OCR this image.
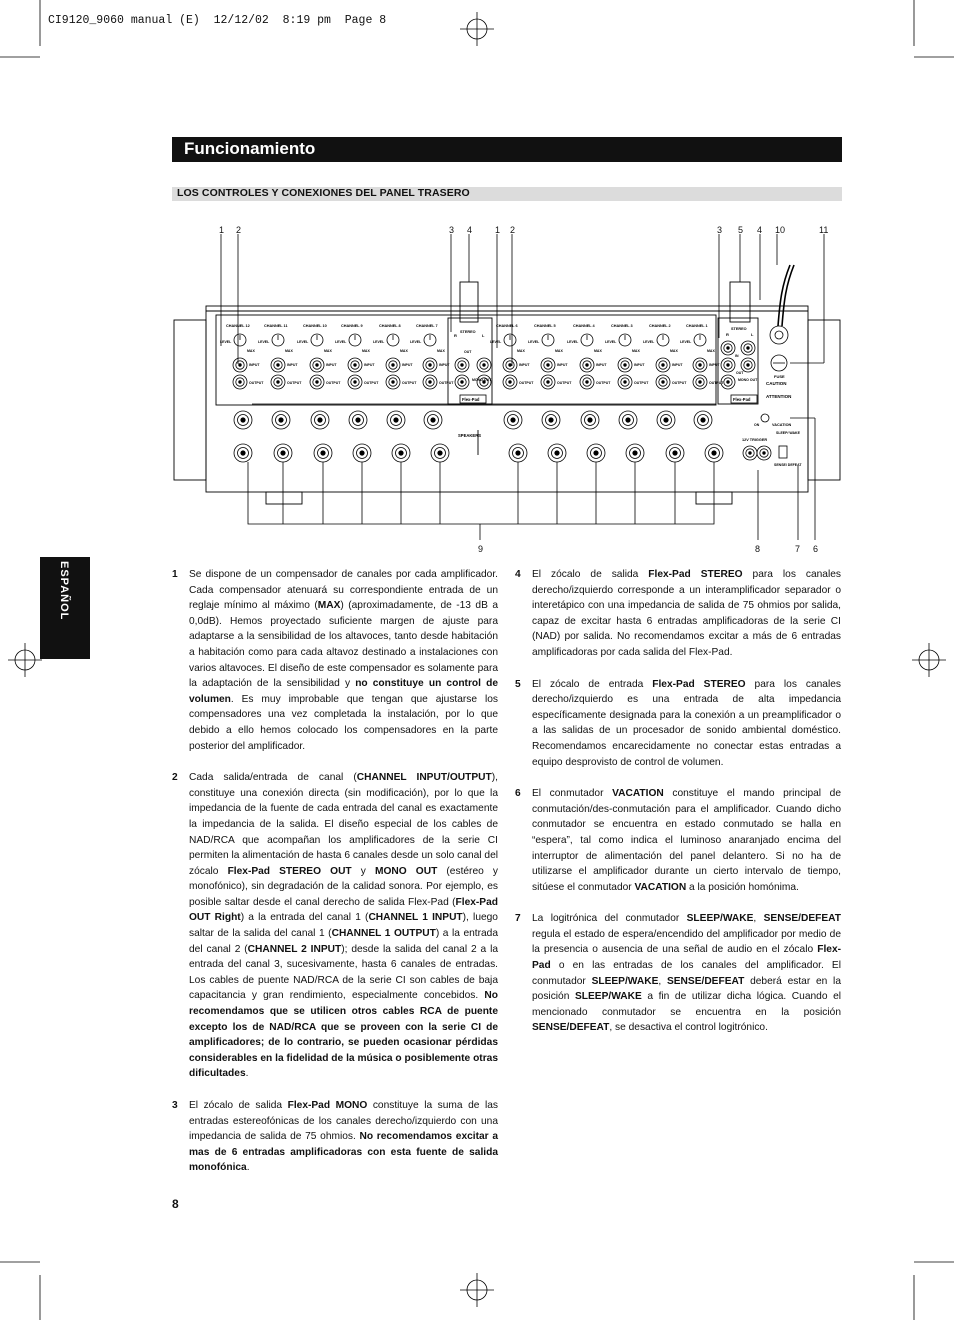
CI9120_9060 manual (E)  12/12/02  8:19 pm  Page 8
Funcionamiento
LOS CONTROLES Y CONEXIONES DEL PANEL TRASERO
ESPAÑOL
CHANNEL 12
LEVEL
MAX
INPUT
OUTPUT
CHANNEL 11
LEVEL
MAX
INPUT
OUTPUT
CHANNEL 10
LEVEL
MAX
INPUT
OUTPUT
CHANNEL 9
LEVEL
MAX
INPUT
OUTPUT
CHANNEL 8
LEVEL
MAX
INPUT
OUTPUT
CHANNEL 7
LEVEL
MAX
INPUT
OUTPUT
CHANNEL 6
LEVEL
MAX
INPUT
OUTPUT
CHANNEL 5
LEVEL
MAX
INPUT
OUTPUT
CHANNEL 4
LEVEL
MAX
INPUT
OUTPUT
CHANNEL 3
LEVEL
MAX
INPUT
OUTPUT
CHANNEL 2
LEVEL
MAX
INPUT
OUTPUT
CHANNEL 1
LEVEL
MAX
INPUT
OUTPUT
STEREO
R	L
OUT
MONO OUT
Flex-Pad
STEREO
R	L
IN
OUT
MONO OUT
Flex-Pad
SPEAKERS
FUSE
CAUTION
ATTENTION
ON	VACATION
SLEEP/ WAKE
SENSE/ DEFEAT
12V TRIGGER
1 2	3 4	1 2	3 5 4 10	11
9	8	7 6
1 Se dispone de un compensador de canales por cada amplificador. Cada compensador atenuará su correspondiente entrada de un reglaje mínimo al máximo (MAX) (aproximadamente, de -13 dB a 0,0dB). Hemos proyectado suficiente margen de ajuste para adaptarse a la sensibilidad de los altavoces, tanto desde habitación a habitación como para cada altavoz destinado a instalaciones con varios altavoces. El diseño de este compensador es solamente para la adaptación de la sensibilidad y no constituye un control de volumen. Es muy improbable que tengan que ajustarse los compensadores una vez completada la instalación, por lo que debido a ello hemos colocado los compensadores en la parte posterior del amplificador.
2 Cada salida/entrada de canal (CHANNEL INPUT/OUTPUT), constituye una conexión directa (sin modificación), por lo que la impedancia de la fuente de cada entrada del canal es exactamente la impedancia de la salida. El diseño especial de los cables de NAD/RCA que acompañan los amplificadores de la serie CI permiten la alimentación de hasta 6 canales desde un solo canal del zócalo Flex-Pad STEREO OUT y MONO OUT (estéreo y monofónico), sin degradación de la calidad sonora. Por ejemplo, es posible saltar desde el canal derecho de salida Flex-Pad (Flex-Pad OUT Right) a la entrada del canal 1 (CHANNEL 1 INPUT), luego saltar de la salida del canal 1 (CHANNEL 1 OUTPUT) a la entrada del canal 2 (CHANNEL 2 INPUT); desde la salida del canal 2 a la entrada del canal 3, sucesivamente, hasta 6 canales de entradas. Los cables de puente NAD/RCA de la serie CI son cables de baja capacitancia y gran rendimiento, especialmente concebidos. No recomendamos que se utilicen otros cables RCA de puente excepto los de NAD/RCA que se proveen con la serie CI de amplificadores; de lo contrario, se pueden ocasionar pérdidas considerables en la fidelidad de la música o posiblemente otras dificultades.
3 El zócalo de salida Flex-Pad MONO constituye la suma de las entradas estereofónicas de los canales derecho/izquierdo con una impedancia de salida de 75 ohmios. No recomendamos excitar a mas de 6 entradas amplificadoras con esta fuente de salida monofónica.
4 El zócalo de salida Flex-Pad STEREO para los canales derecho/izquierdo corresponde a un interamplificador separador o interetápico con una impedancia de salida de 75 ohmios por salida, capaz de excitar hasta 6 entradas amplificadoras de la serie CI (NAD) por salida. No recomendamos excitar a más de 6 entradas amplificadoras por cada salida del Flex-Pad.
5 El zócalo de entrada Flex-Pad STEREO para los canales derecho/izquierdo es una entrada de alta impedancia específicamente designada para la conexión a un preamplificador o a las salidas de un procesador de sonido ambiental doméstico. Recomendamos encarecidamente no conectar estas entradas a equipo desprovisto de control de volumen.
6 El conmutador VACATION constituye el mando principal de conmutación/des-conmutación para el amplificador. Cuando dicho conmutador se encuentra en estado conmutado se halla en “espera”, tal como indica el luminoso anaranjado encima del interruptor de alimentación del panel delantero. Si no ha de utilizarse el amplificador durante un cierto intervalo de tiempo, sitúese el conmutador VACATION a la posición homónima.
7 La logitrónica del conmutador SLEEP/WAKE, SENSE/DEFEAT regula el estado de espera/encendido del amplificador por medio de la presencia o ausencia de una señal de audio en el zócalo Flex-Pad o en las entradas de los canales del amplificador. El conmutador SLEEP/WAKE, SENSE/DEFEAT deberá estar en la posición SLEEP/WAKE a fin de utilizar dicha lógica. Cuando el mencionado conmutador se encuentra en la posición SENSE/DEFEAT, se desactiva el control logitrónico.
8
